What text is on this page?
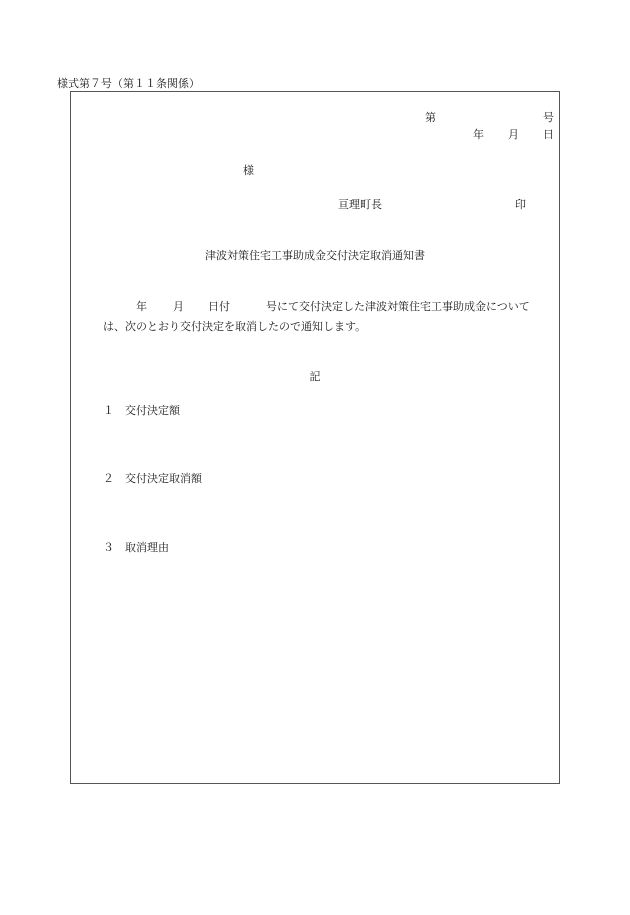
様式第７号（第１１条関係）
第	号
年 月 日
様
亘理町長	印
津波対策住宅工事助成金交付決定取消通知書
年 月 日付	号にて交付決定した津波対策住宅工事助成金について
は、次のとおり交付決定を取消したので通知します。
記
１ 交付決定額
２ 交付決定取消額
３ 取消理由
